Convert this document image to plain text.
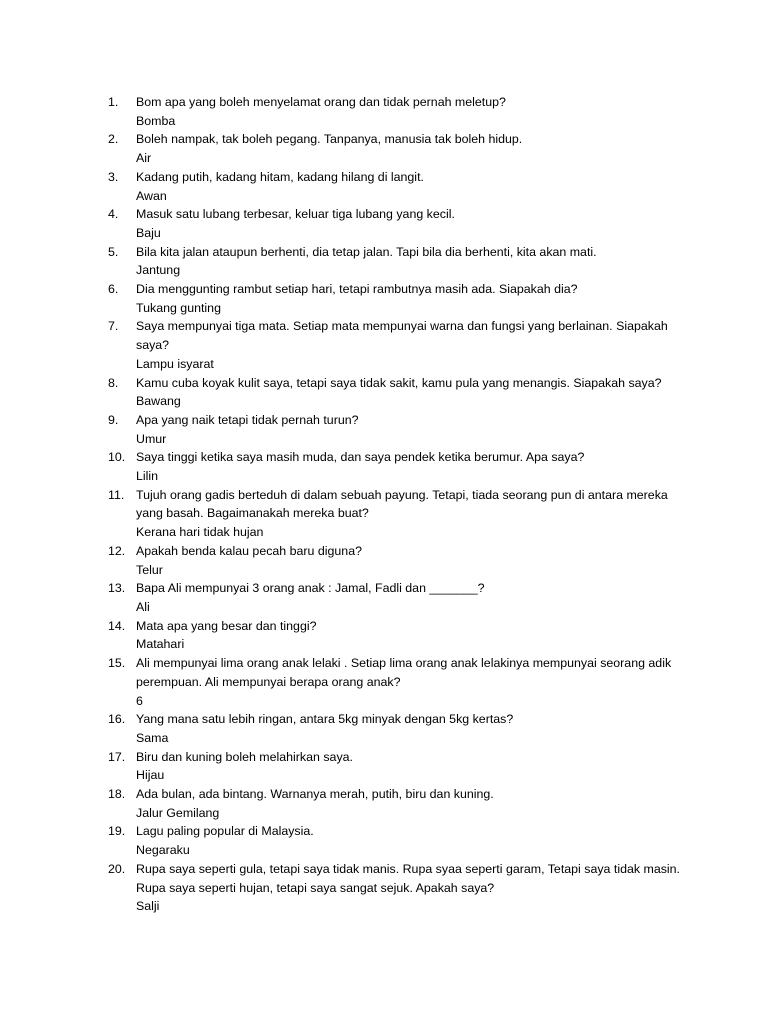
1.	Bom apa yang boleh menyelamat orang dan tidak pernah meletup?
Bomba
2.	Boleh nampak, tak boleh pegang. Tanpanya, manusia tak boleh hidup.
Air
3.	Kadang putih, kadang hitam, kadang hilang di langit.
Awan
4.	Masuk satu lubang terbesar, keluar tiga lubang yang kecil.
Baju
5.	Bila kita jalan ataupun berhenti, dia tetap jalan. Tapi bila dia berhenti, kita akan mati.
Jantung
6.	Dia menggunting rambut setiap hari, tetapi rambutnya masih ada. Siapakah dia?
Tukang gunting
7.	Saya mempunyai tiga mata. Setiap mata mempunyai warna dan fungsi yang berlainan. Siapakah saya?
Lampu isyarat
8.	Kamu cuba koyak kulit saya, tetapi saya tidak sakit, kamu pula yang menangis. Siapakah saya?
Bawang
9.	Apa yang naik tetapi tidak pernah turun?
Umur
10. Saya tinggi ketika saya masih muda, dan saya pendek ketika berumur. Apa saya?
Lilin
11. Tujuh orang gadis berteduh di dalam sebuah payung. Tetapi, tiada seorang pun di antara mereka yang basah. Bagaimanakah mereka buat?
Kerana hari tidak hujan
12. Apakah benda kalau pecah baru diguna?
Telur
13. Bapa Ali mempunyai 3 orang anak : Jamal, Fadli dan _______?
Ali
14. Mata apa yang besar dan tinggi?
Matahari
15. Ali mempunyai lima orang anak lelaki . Setiap lima orang anak lelakinya mempunyai seorang adik perempuan. Ali mempunyai berapa orang anak?
6
16. Yang mana satu lebih ringan, antara 5kg minyak dengan 5kg kertas?
Sama
17. Biru dan kuning boleh melahirkan saya.
Hijau
18. Ada bulan, ada bintang. Warnanya merah, putih, biru dan kuning.
Jalur Gemilang
19. Lagu paling popular di Malaysia.
Negaraku
20. Rupa saya seperti gula, tetapi saya tidak manis. Rupa syaa seperti garam, Tetapi saya tidak masin. Rupa saya seperti hujan, tetapi saya sangat sejuk. Apakah saya?
Salji
